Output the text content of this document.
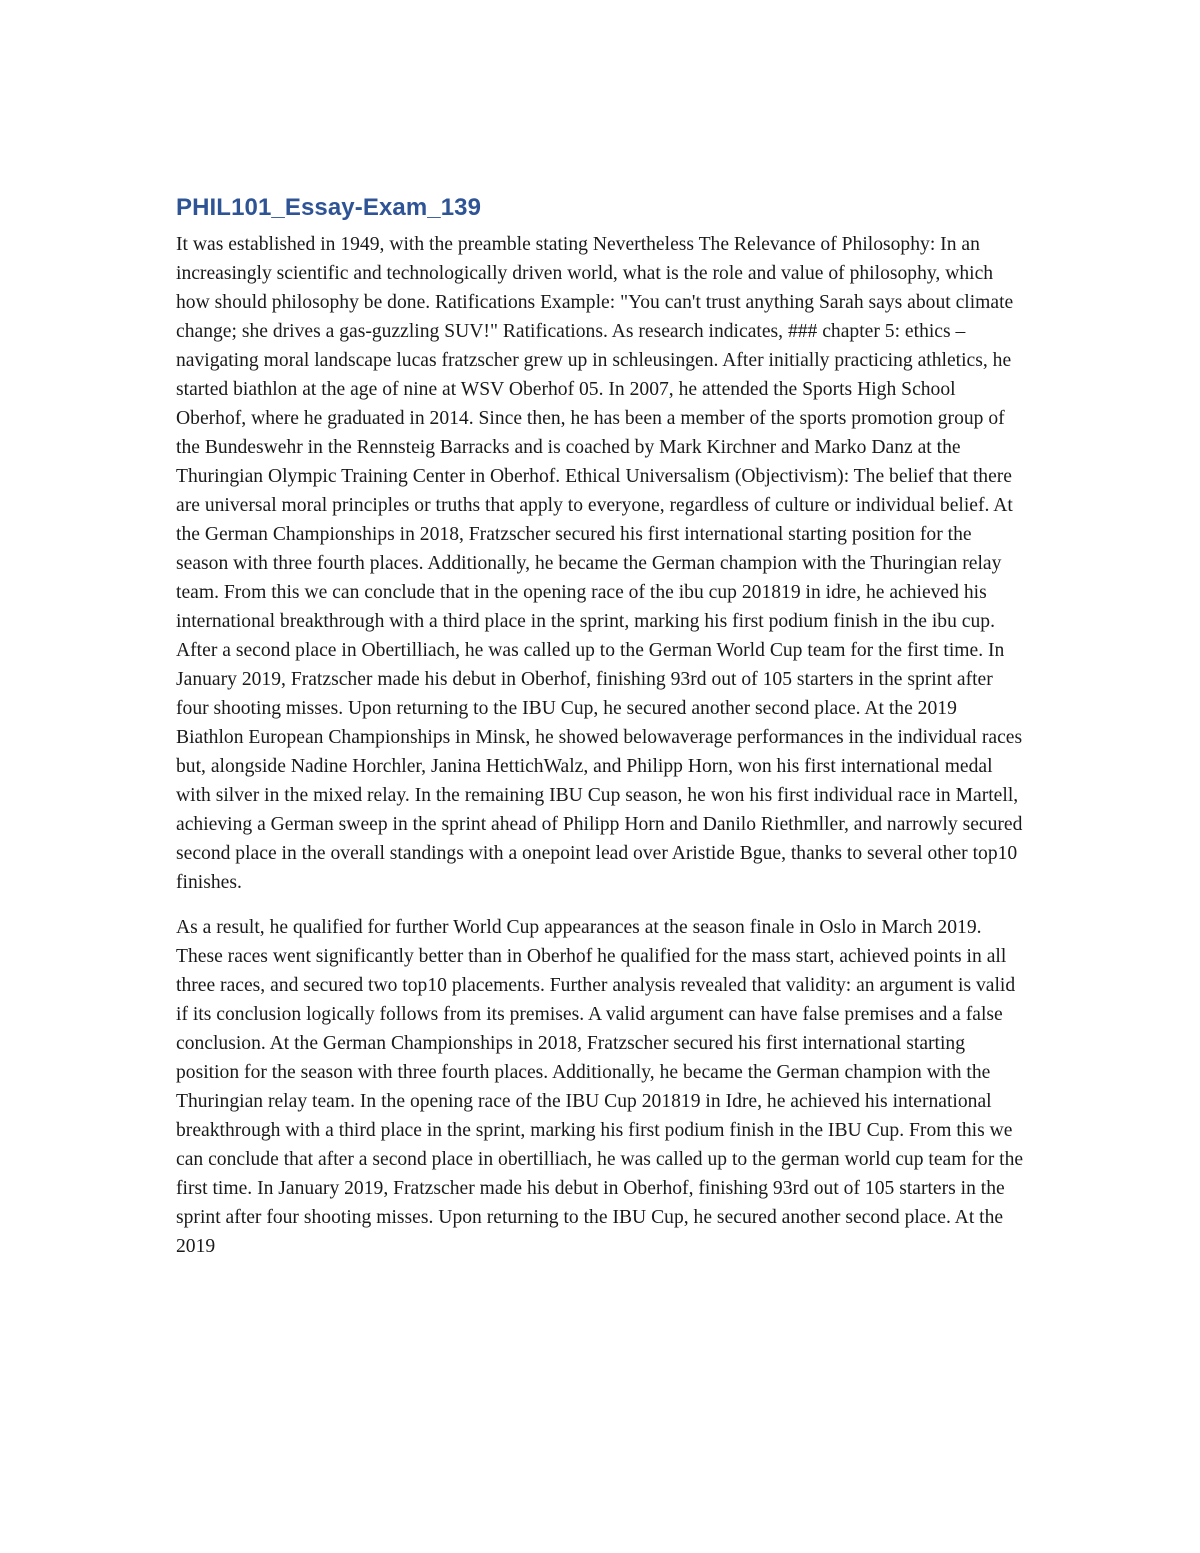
PHIL101_Essay-Exam_139

It was established in 1949, with the preamble stating Nevertheless The Relevance of Philosophy: In an increasingly scientific and technologically driven world, what is the role and value of philosophy, which how should philosophy be done. Ratifications Example: "You can't trust anything Sarah says about climate change; she drives a gas-guzzling SUV!" Ratifications. As research indicates, ### chapter 5: ethics – navigating moral landscape lucas fratzscher grew up in schleusingen. After initially practicing athletics, he started biathlon at the age of nine at WSV Oberhof 05. In 2007, he attended the Sports High School Oberhof, where he graduated in 2014. Since then, he has been a member of the sports promotion group of the Bundeswehr in the Rennsteig Barracks and is coached by Mark Kirchner and Marko Danz at the Thuringian Olympic Training Center in Oberhof. Ethical Universalism (Objectivism): The belief that there are universal moral principles or truths that apply to everyone, regardless of culture or individual belief. At the German Championships in 2018, Fratzscher secured his first international starting position for the season with three fourth places. Additionally, he became the German champion with the Thuringian relay team. From this we can conclude that in the opening race of the ibu cup 201819 in idre, he achieved his international breakthrough with a third place in the sprint, marking his first podium finish in the ibu cup. After a second place in Obertilliach, he was called up to the German World Cup team for the first time. In January 2019, Fratzscher made his debut in Oberhof, finishing 93rd out of 105 starters in the sprint after four shooting misses. Upon returning to the IBU Cup, he secured another second place. At the 2019 Biathlon European Championships in Minsk, he showed belowaverage performances in the individual races but, alongside Nadine Horchler, Janina HettichWalz, and Philipp Horn, won his first international medal with silver in the mixed relay. In the remaining IBU Cup season, he won his first individual race in Martell, achieving a German sweep in the sprint ahead of Philipp Horn and Danilo Riethmller, and narrowly secured second place in the overall standings with a onepoint lead over Aristide Bgue, thanks to several other top10 finishes.

As a result, he qualified for further World Cup appearances at the season finale in Oslo in March 2019. These races went significantly better than in Oberhof he qualified for the mass start, achieved points in all three races, and secured two top10 placements. Further analysis revealed that validity: an argument is valid if its conclusion logically follows from its premises. A valid argument can have false premises and a false conclusion. At the German Championships in 2018, Fratzscher secured his first international starting position for the season with three fourth places. Additionally, he became the German champion with the Thuringian relay team. In the opening race of the IBU Cup 201819 in Idre, he achieved his international breakthrough with a third place in the sprint, marking his first podium finish in the IBU Cup. From this we can conclude that after a second place in obertilliach, he was called up to the german world cup team for the first time. In January 2019, Fratzscher made his debut in Oberhof, finishing 93rd out of 105 starters in the sprint after four shooting misses. Upon returning to the IBU Cup, he secured another second place. At the 2019
